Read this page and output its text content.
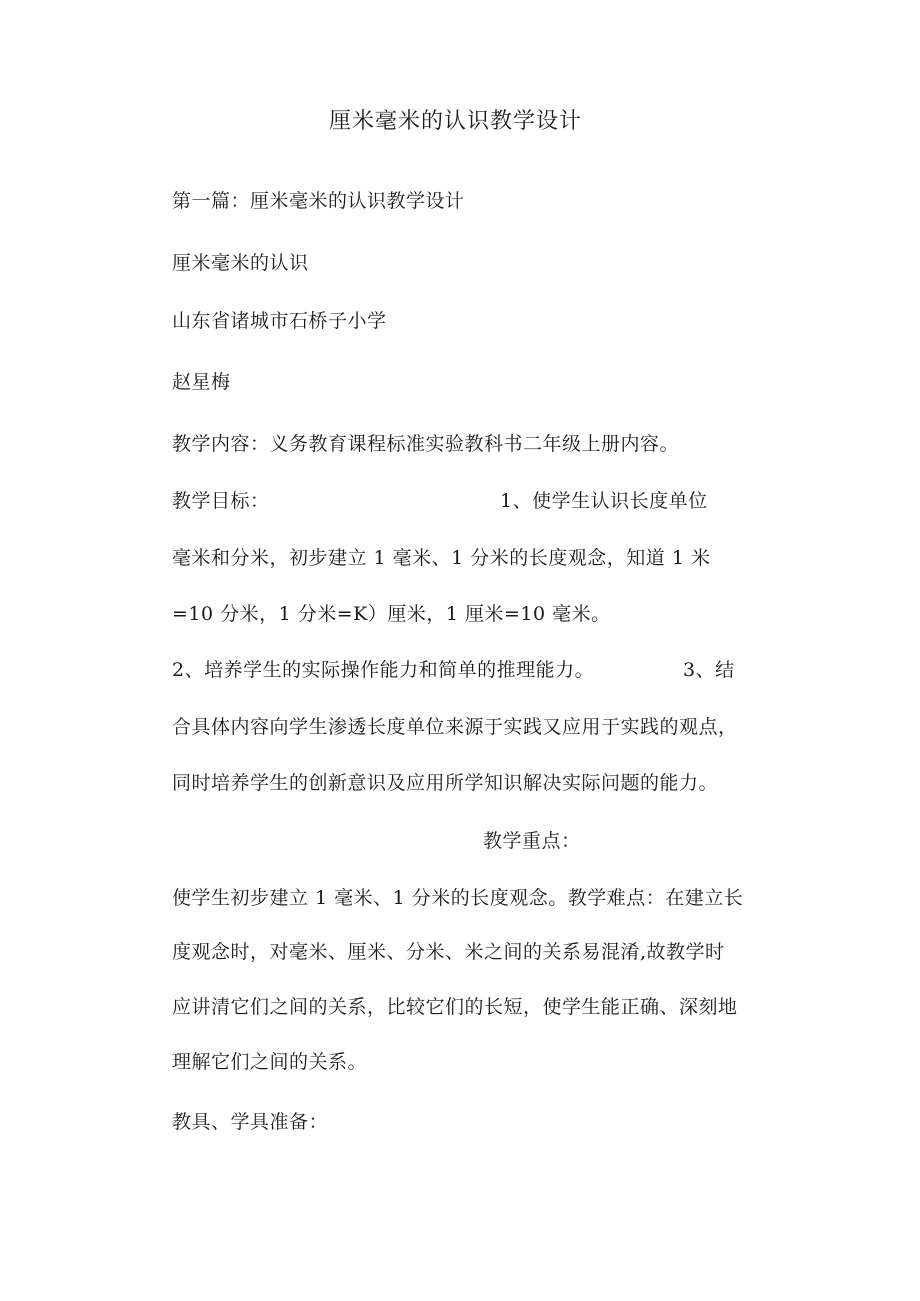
厘米毫米的认识教学设计
第一篇：厘米毫米的认识教学设计
厘米毫米的认识
山东省诸城市石桥子小学
赵星梅
教学内容：义务教育课程标准实验教科书二年级上册内容。
教学目标：	1、使学生认识长度单位
毫米和分米，初步建立 1 毫米、1 分米的长度观念，知道 1 米
=10 分米，1 分米=K）厘米，1 厘米=10 毫米。
2、培养学生的实际操作能力和简单的推理能力。	3、结
合具体内容向学生渗透长度单位来源于实践又应用于实践的观点，
同时培养学生的创新意识及应用所学知识解决实际问题的能力。
教学重点：
使学生初步建立 1 毫米、1 分米的长度观念。教学难点：在建立长
度观念时，对毫米、厘米、分米、米之间的关系易混淆,故教学时
应讲清它们之间的关系，比较它们的长短，使学生能正确、深刻地
理解它们之间的关系。
教具、学具准备：
